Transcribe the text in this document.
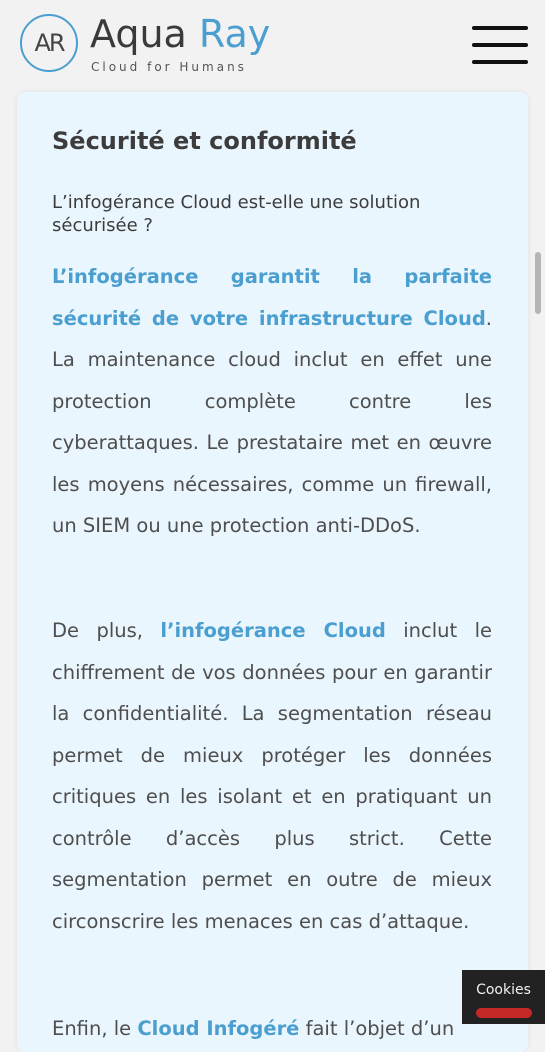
AR Aqua Ray
Cloud for Humans
Sécurité et conformité

L’infogérance Cloud est-elle une solution sécurisée ?

L’infogérance garantit la parfaite sécurité de votre infrastructure Cloud. La maintenance cloud inclut en effet une protection complète contre les cyberattaques. Le prestataire met en œuvre les moyens nécessaires, comme un firewall, un SIEM ou une protection anti-DDoS.

De plus, l’infogérance Cloud inclut le chiffrement de vos données pour en garantir la confidentialité. La segmentation réseau permet de mieux protéger les données critiques en les isolant et en pratiquant un contrôle d’accès plus strict. Cette segmentation permet en outre de mieux circonscrire les menaces en cas d’attaque.

Enfin, le Cloud Infogéré fait l’objet d’un

Cookies
